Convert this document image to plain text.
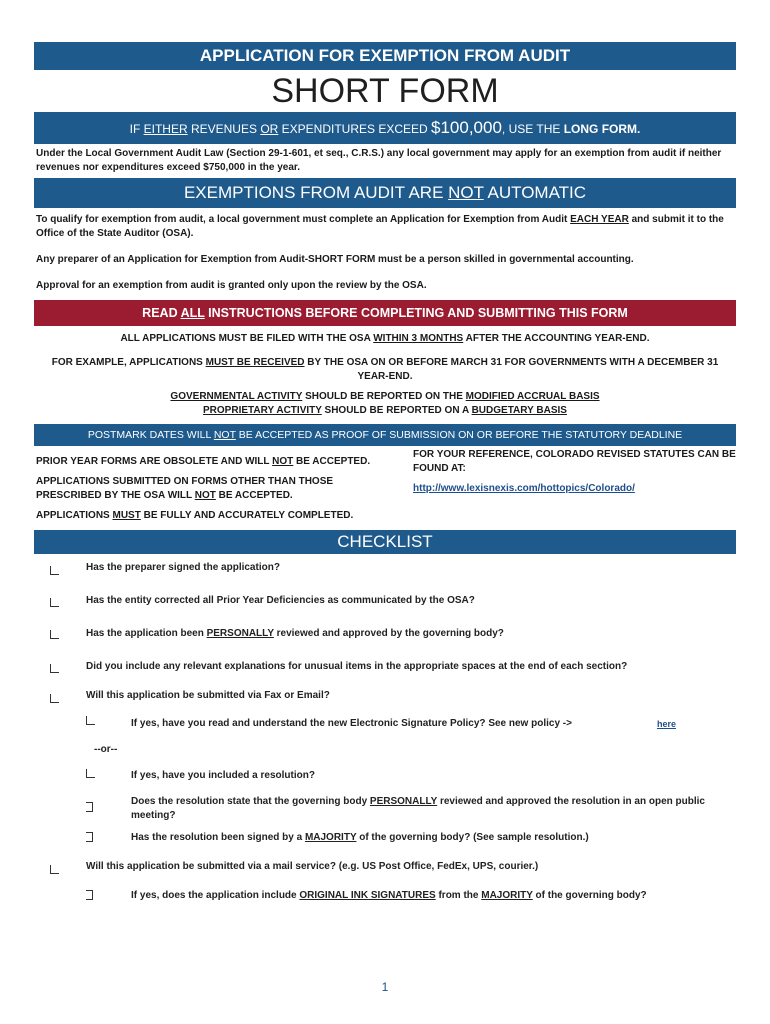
APPLICATION FOR EXEMPTION FROM AUDIT
SHORT FORM
IF EITHER REVENUES OR EXPENDITURES EXCEED $100,000, USE THE LONG FORM.
Under the Local Government Audit Law (Section 29-1-601, et seq., C.R.S.) any local government may apply for an exemption from audit if neither revenues nor expenditures exceed $750,000 in the year.
EXEMPTIONS FROM AUDIT ARE NOT AUTOMATIC
To qualify for exemption from audit, a local government must complete an Application for Exemption from Audit EACH YEAR and submit it to the Office of the State Auditor (OSA).
Any preparer of an Application for Exemption from Audit-SHORT FORM must be a person skilled in governmental accounting.
Approval for an exemption from audit is granted only upon the review by the OSA.
READ ALL INSTRUCTIONS BEFORE COMPLETING AND SUBMITTING THIS FORM
ALL APPLICATIONS MUST BE FILED WITH THE OSA WITHIN 3 MONTHS AFTER THE ACCOUNTING YEAR-END.
FOR EXAMPLE, APPLICATIONS MUST BE RECEIVED BY THE OSA ON OR BEFORE MARCH 31 FOR GOVERNMENTS WITH A DECEMBER 31 YEAR-END.
GOVERNMENTAL ACTIVITY SHOULD BE REPORTED ON THE MODIFIED ACCRUAL BASIS
PROPRIETARY ACTIVITY SHOULD BE REPORTED ON A BUDGETARY BASIS
POSTMARK DATES WILL NOT BE ACCEPTED AS PROOF OF SUBMISSION ON OR BEFORE THE STATUTORY DEADLINE
PRIOR YEAR FORMS ARE OBSOLETE AND WILL NOT BE ACCEPTED.
APPLICATIONS SUBMITTED ON FORMS OTHER THAN THOSE PRESCRIBED BY THE OSA WILL NOT BE ACCEPTED.
APPLICATIONS MUST BE FULLY AND ACCURATELY COMPLETED.
FOR YOUR REFERENCE, COLORADO REVISED STATUTES CAN BE FOUND AT:
http://www.lexisnexis.com/hottopics/Colorado/
CHECKLIST
Has the preparer signed the application?
Has the entity corrected all Prior Year Deficiencies as communicated by the OSA?
Has the application been PERSONALLY reviewed and approved by the governing body?
Did you include any relevant explanations for unusual items in the appropriate spaces at the end of each section?
Will this application be submitted via Fax or Email?
If yes, have you read and understand the new Electronic Signature Policy? See new policy ->	here
--or--
If yes, have you included a resolution?
Does the resolution state that the governing body PERSONALLY reviewed and approved the resolution in an open public meeting?
Has the resolution been signed by a MAJORITY of the governing body? (See sample resolution.)
Will this application be submitted via a mail service? (e.g. US Post Office, FedEx, UPS, courier.)
If yes, does the application include ORIGINAL INK SIGNATURES from the MAJORITY of the governing body?
1
